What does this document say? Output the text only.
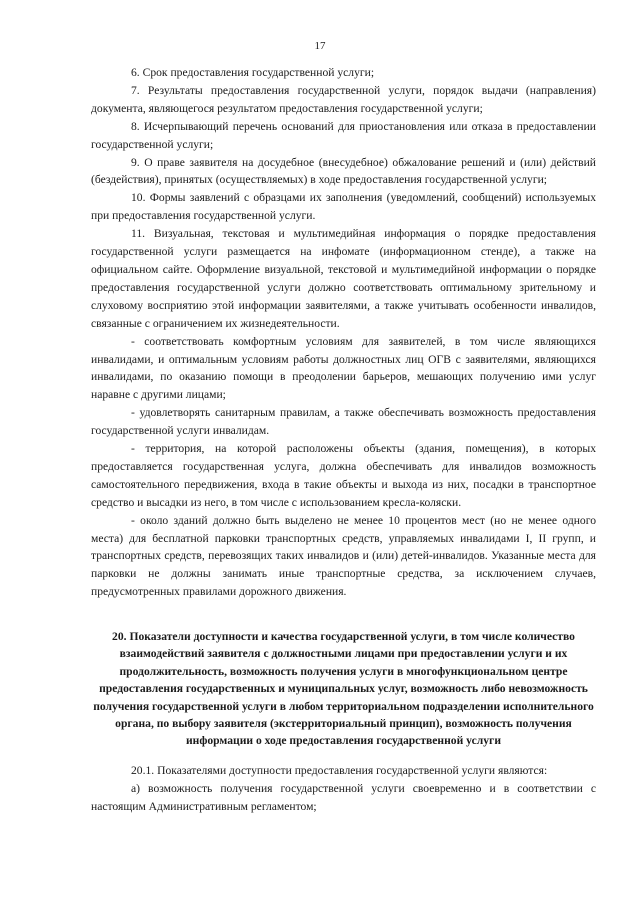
17

6. Срок предоставления государственной услуги;

7. Результаты предоставления государственной услуги, порядок выдачи (направления) документа, являющегося результатом предоставления государственной услуги;

8. Исчерпывающий перечень оснований для приостановления или отказа в предоставлении государственной услуги;

9. О праве заявителя на досудебное (внесудебное) обжалование решений и (или) действий (бездействия), принятых (осуществляемых) в ходе предоставления государственной услуги;

10. Формы заявлений с образцами их заполнения (уведомлений, сообщений) используемых при предоставления государственной услуги.

11. Визуальная, текстовая и мультимедийная информация о порядке предоставления государственной услуги размещается на инфомате (информационном стенде), а также на официальном сайте. Оформление визуальной, текстовой и мультимедийной информации о порядке предоставления государственной услуги должно соответствовать оптимальному зрительному и слуховому восприятию этой информации заявителями, а также учитывать особенности инвалидов, связанные с ограничением их жизнедеятельности.

- соответствовать комфортным условиям для заявителей, в том числе являющихся инвалидами, и оптимальным условиям работы должностных лиц ОГВ с заявителями, являющихся инвалидами, по оказанию помощи в преодолении барьеров, мешающих получению ими услуг наравне с другими лицами;

- удовлетворять санитарным правилам, а также обеспечивать возможность предоставления государственной услуги инвалидам.

- территория, на которой расположены объекты (здания, помещения), в которых предоставляется государственная услуга, должна обеспечивать для инвалидов возможность самостоятельного передвижения, входа в такие объекты и выхода из них, посадки в транспортное средство и высадки из него, в том числе с использованием кресла-коляски.

- около зданий должно быть выделено не менее 10 процентов мест (но не менее одного места) для бесплатной парковки транспортных средств, управляемых инвалидами I, II групп, и транспортных средств, перевозящих таких инвалидов и (или) детей-инвалидов. Указанные места для парковки не должны занимать иные транспортные средства, за исключением случаев, предусмотренных правилами дорожного движения.

20. Показатели доступности и качества государственной услуги, в том числе количество взаимодействий заявителя с должностными лицами при предоставлении услуги и их продолжительность, возможность получения услуги в многофункциональном центре предоставления государственных и муниципальных услуг, возможность либо невозможность получения государственной услуги в любом территориальном подразделении исполнительного органа, по выбору заявителя (экстерриториальный принцип), возможность получения информации о ходе предоставления государственной услуги

20.1. Показателями доступности предоставления государственной услуги являются:

а) возможность получения государственной услуги своевременно и в соответствии с настоящим Административным регламентом;
